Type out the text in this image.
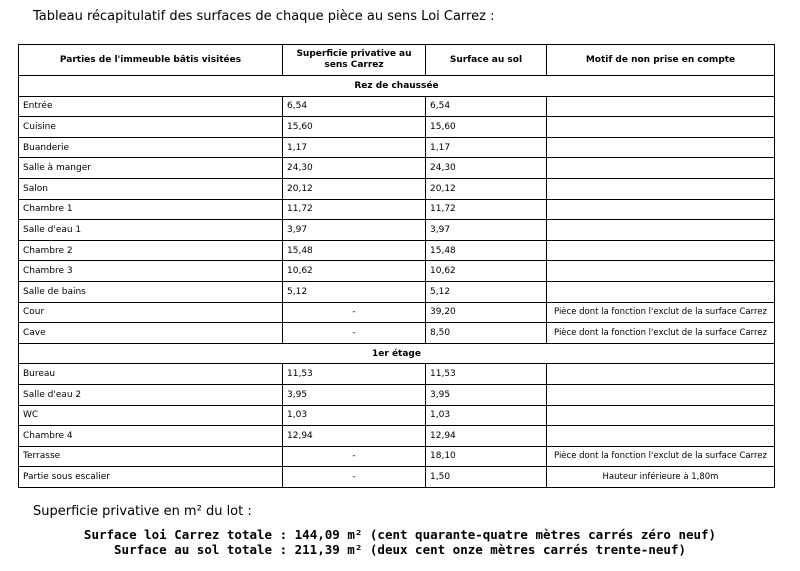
Tableau récapitulatif des surfaces de chaque pièce au sens Loi Carrez :
Parties de l'immeuble bâtis visitées	Superficie privative au sens Carrez	Surface au sol	Motif de non prise en compte
Rez de chaussée			
Entrée	6,54	6,54	
Cuisine	15,60	15,60	
Buanderie	1,17	1,17	
Salle à manger	24,30	24,30	
Salon	20,12	20,12	
Chambre 1	11,72	11,72	
Salle d'eau 1	3,97	3,97	
Chambre 2	15,48	15,48	
Chambre 3	10,62	10,62	
Salle de bains	5,12	5,12	
Cour	-	39,20	Pièce dont la fonction l'exclut de la surface Carrez
Cave	-	8,50	Pièce dont la fonction l'exclut de la surface Carrez
1er étage			
Bureau	11,53	11,53	
Salle d'eau 2	3,95	3,95	
WC	1,03	1,03	
Chambre 4	12,94	12,94	
Terrasse	-	18,10	Pièce dont la fonction l'exclut de la surface Carrez
Partie sous escalier	-	1,50	Hauteur inférieure à 1,80m
Superficie privative en m² du lot :
Surface loi Carrez totale : 144,09 m² (cent quarante-quatre mètres carrés zéro neuf)
Surface au sol totale : 211,39 m² (deux cent onze mètres carrés trente-neuf)
